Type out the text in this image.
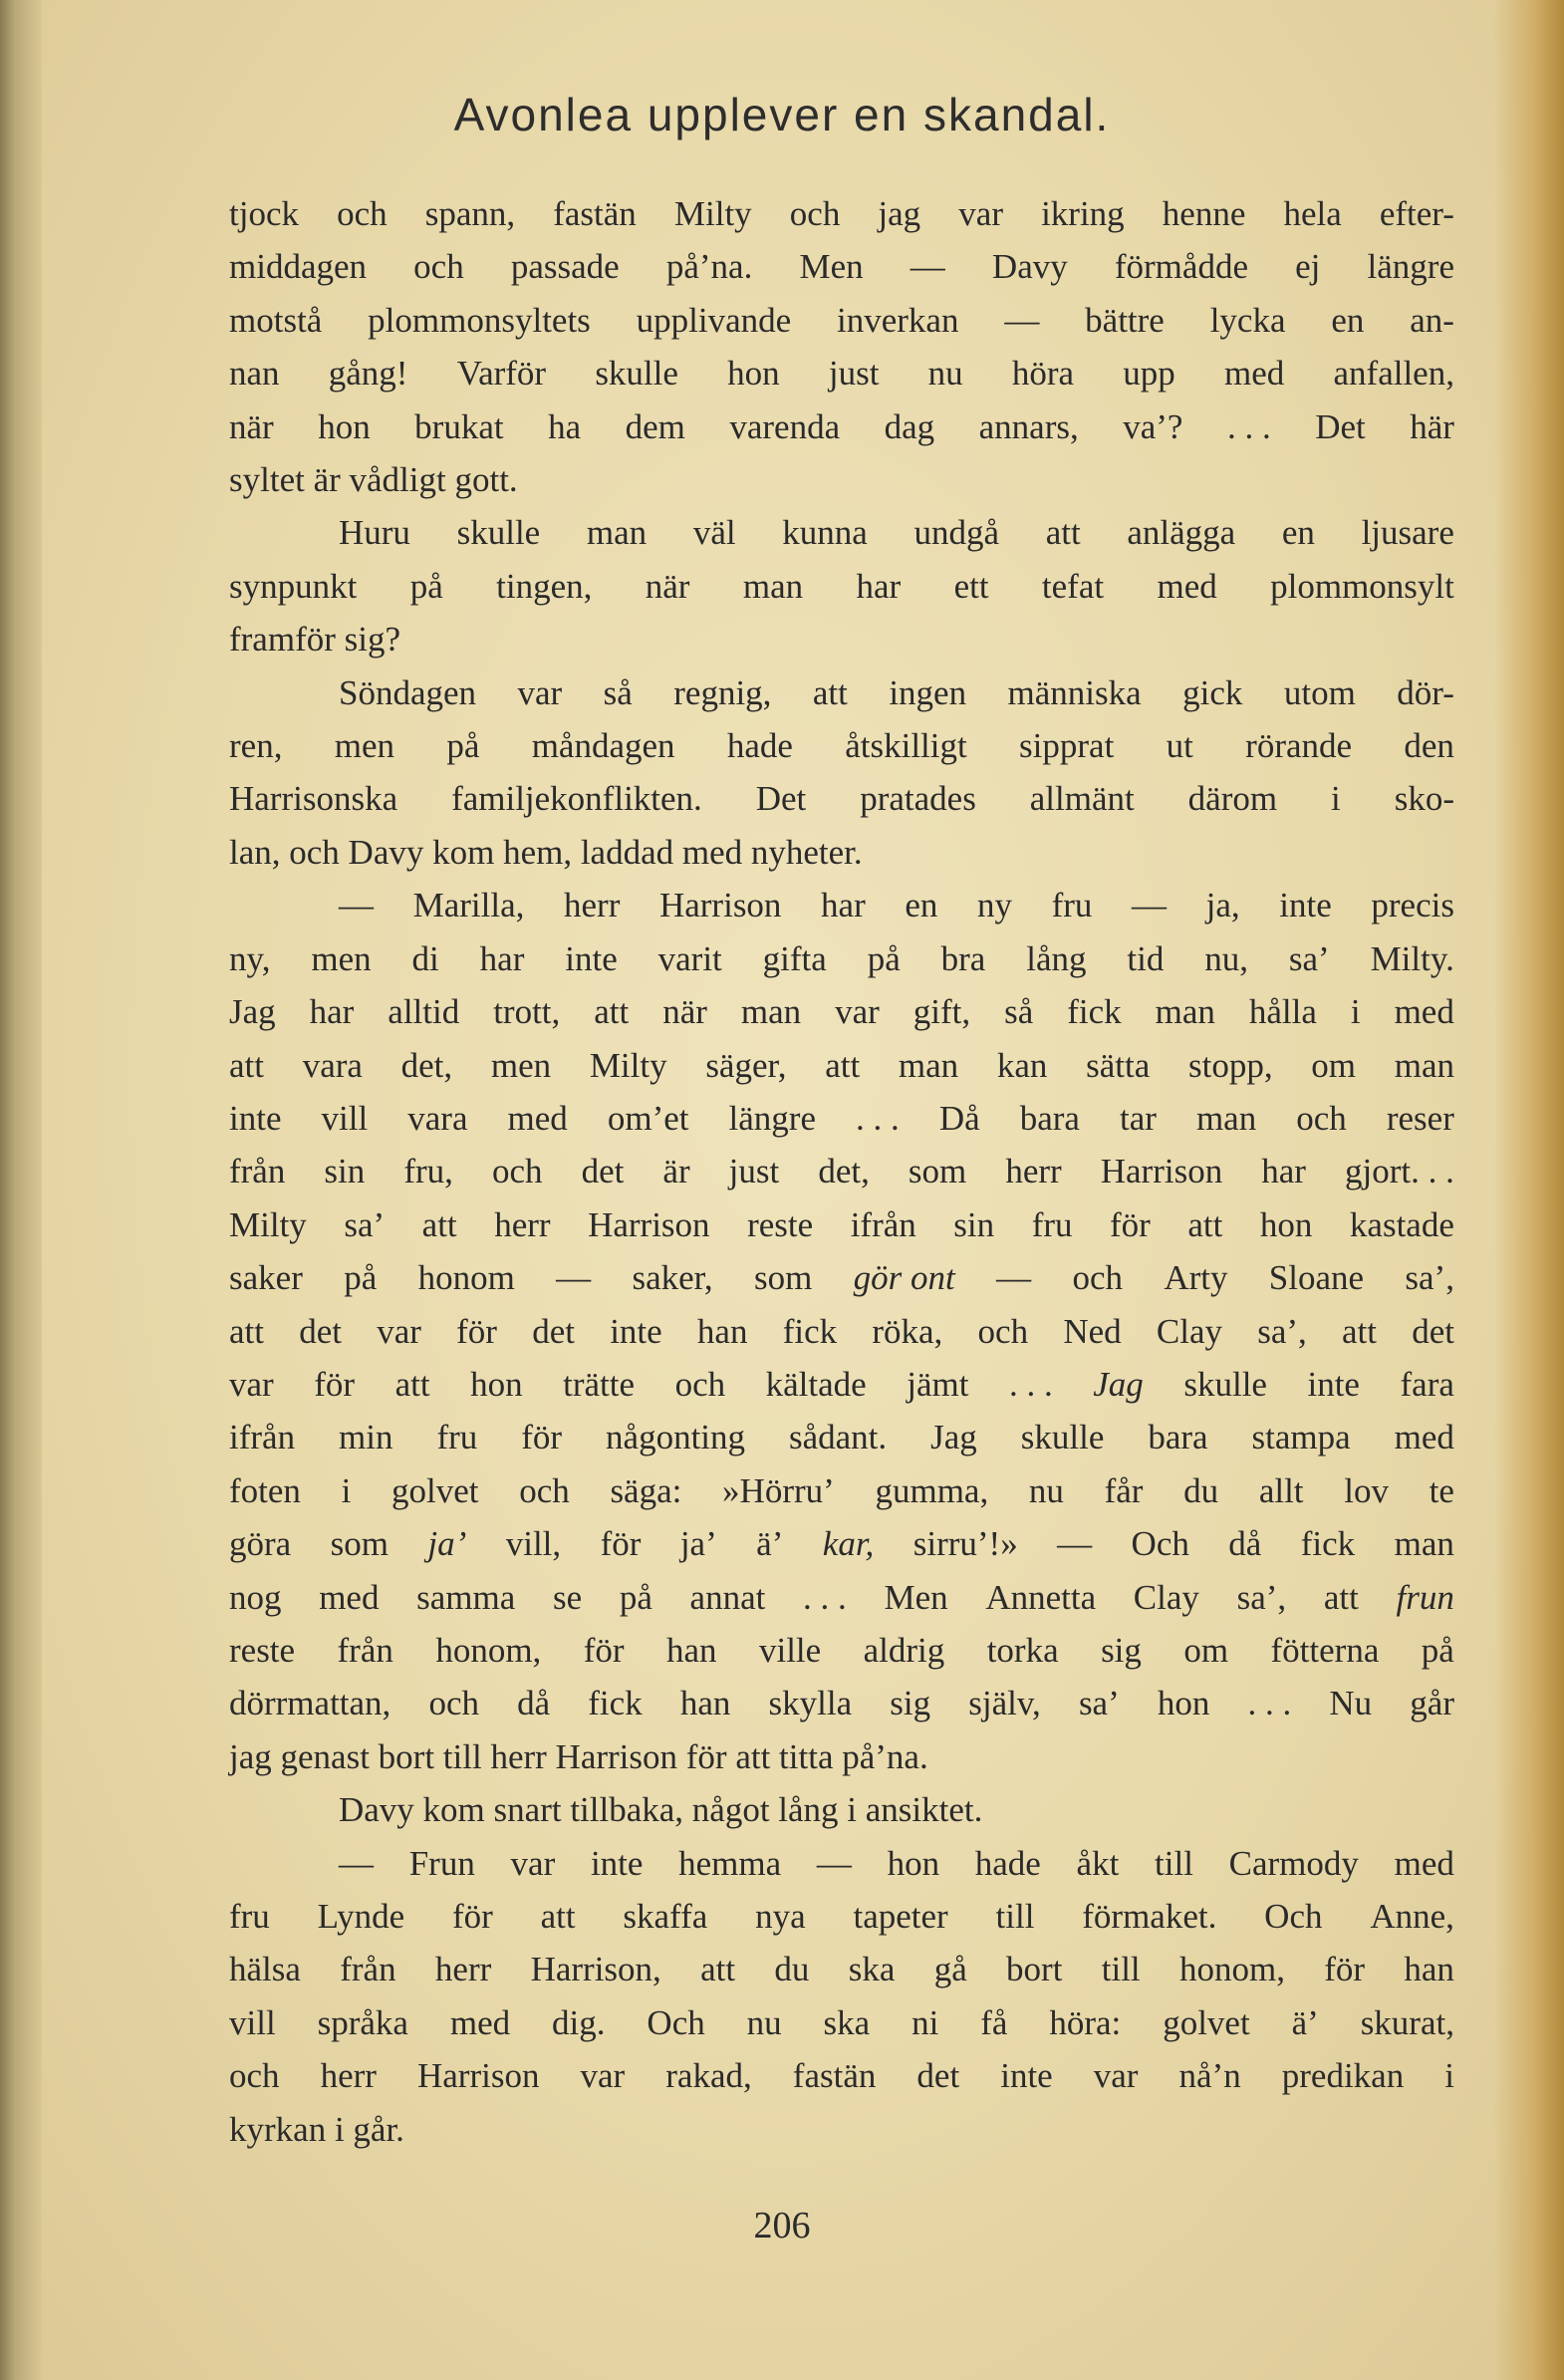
Avonlea upplever en skandal.
tjock och spann, fastän Milty och jag var ikring henne hela efter-
middagen och passade på’na. Men — Davy förmådde ej längre
motstå plommonsyltets upplivande inverkan — bättre lycka en an-
nan gång! Varför skulle hon just nu höra upp med anfallen,
när hon brukat ha dem varenda dag annars, va’? . . . Det här
syltet är vådligt gott.
Huru skulle man väl kunna undgå att anlägga en ljusare
synpunkt på tingen, när man har ett tefat med plommonsylt
framför sig?
Söndagen var så regnig, att ingen människa gick utom dör-
ren, men på måndagen hade åtskilligt sipprat ut rörande den
Harrisonska familjekonflikten. Det pratades allmänt därom i sko-
lan, och Davy kom hem, laddad med nyheter.
— Marilla, herr Harrison har en ny fru — ja, inte precis
ny, men di har inte varit gifta på bra lång tid nu, sa’ Milty.
Jag har alltid trott, att när man var gift, så fick man hålla i med
att vara det, men Milty säger, att man kan sätta stopp, om man
inte vill vara med om’et längre . . . Då bara tar man och reser
från sin fru, och det är just det, som herr Harrison har gjort. . .
Milty sa’ att herr Harrison reste ifrån sin fru för att hon kastade
saker på honom — saker, som gör ont — och Arty Sloane sa’,
att det var för det inte han fick röka, och Ned Clay sa’, att det
var för att hon trätte och kältade jämt . . . Jag skulle inte fara
ifrån min fru för någonting sådant. Jag skulle bara stampa med
foten i golvet och säga: »Hörru’ gumma, nu får du allt lov te
göra som ja’ vill, för ja’ ä’ kar, sirru’!» — Och då fick man
nog med samma se på annat . . . Men Annetta Clay sa’, att frun
reste från honom, för han ville aldrig torka sig om fötterna på
dörrmattan, och då fick han skylla sig själv, sa’ hon . . . Nu går
jag genast bort till herr Harrison för att titta på’na.
Davy kom snart tillbaka, något lång i ansiktet.
— Frun var inte hemma — hon hade åkt till Carmody med
fru Lynde för att skaffa nya tapeter till förmaket. Och Anne,
hälsa från herr Harrison, att du ska gå bort till honom, för han
vill språka med dig. Och nu ska ni få höra: golvet ä’ skurat,
och herr Harrison var rakad, fastän det inte var nå’n predikan i
kyrkan i går.
206
